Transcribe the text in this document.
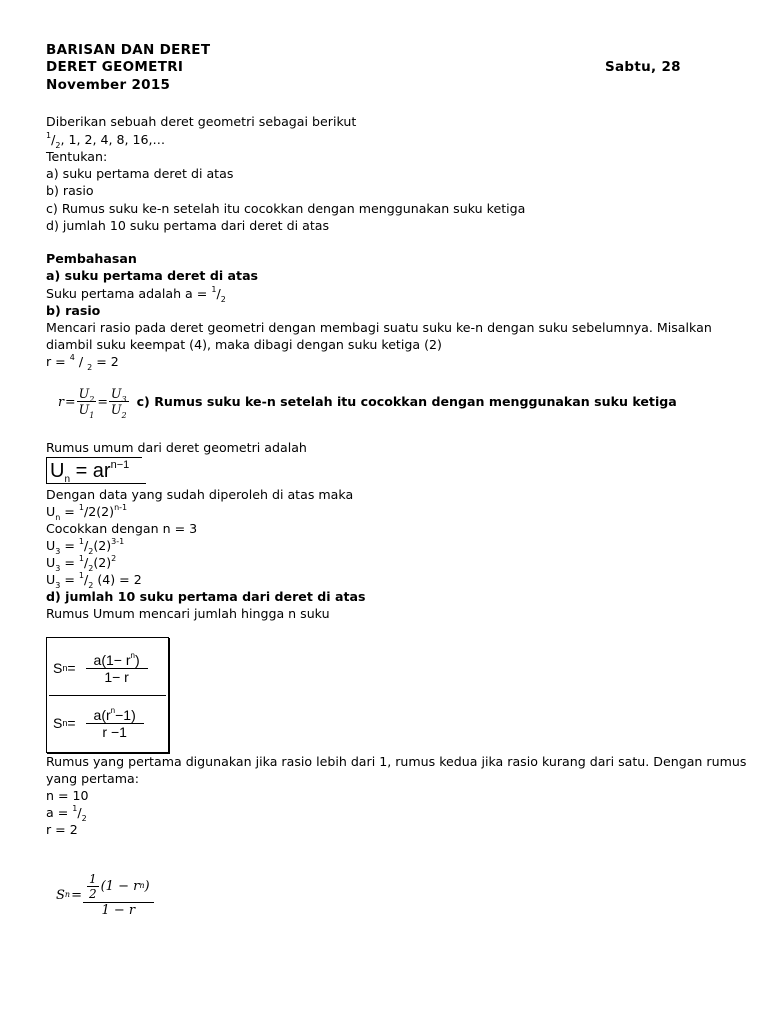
BARISAN DAN DERET
DERET GEOMETRI	Sabtu, 28
November 2015
Diberikan sebuah deret geometri sebagai berikut
$^1/_2$, 1, 2, 4, 8, 16,…
Tentukan:
a) suku pertama deret di atas
b) rasio
c) Rumus suku ke-n setelah itu cocokkan dengan menggunakan suku ketiga
d) jumlah 10 suku pertama dari deret di atas
Pembahasan
a) suku pertama deret di atas
Suku pertama adalah $a = ^1/_2$
b) rasio
Mencari rasio pada deret geometri dengan membagi suatu suku ke-n dengan suku sebelumnya. Misalkan
diambil suku keempat (4), maka dibagi dengan suku ketiga (2)
r = $^4$ / $_2$ = 2
$r = \frac{U_2}{U_1} = \frac{U_3}{U_2} c$) Rumus suku ke-n setelah itu cocokkan dengan menggunakan suku ketiga
Rumus umum dari deret geometri adalah
$U_n = ar^{n-1}$
Dengan data yang sudah diperoleh di atas maka
$U_n = ^1/2(2)^{n-1}$
Cocokkan dengan n = 3
$U_3 = ^1/_2(2)^{3-1}$
$U_3 = ^1/_2(2)^2$
$U_3 = ^1/_2$ (4) = 2
d) jumlah 10 suku pertama dari deret di atas
Rumus Umum mencari jumlah hingga n suku
S $n = \frac{a(1- r^n)}{1- r}$
S $n = \frac{a(r^n-1)}{r -1}$
Rumus yang pertama digunakan jika rasio lebih dari 1, rumus kedua jika rasio kurang dari satu. Dengan rumus
yang pertama:
n = 10
$a = ^1/_2$
r = 2
S $n = \frac{\frac{1}{2} (1 - r^n )}{1 - r}$
